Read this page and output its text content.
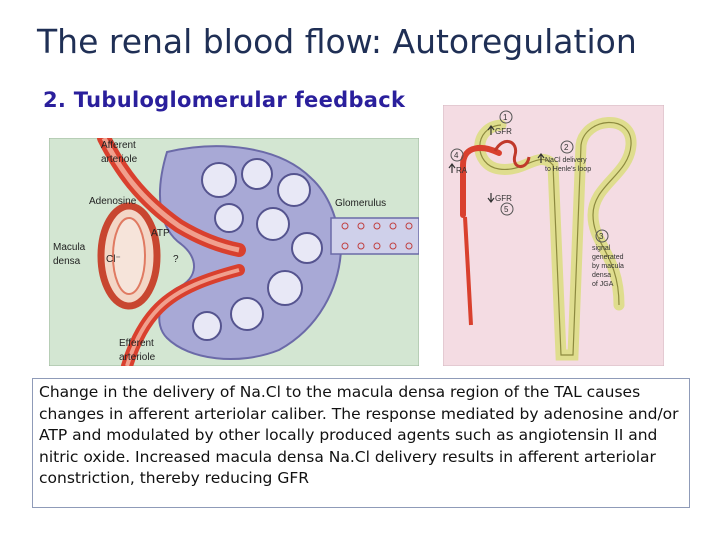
The renal blood flow: Autoregulation
2. Tubuloglomerular feedback
Afferent
arteriole
Adenosine
ATP
?
Macula
densa	Cl⁻
Glomerulus
Efferent
arteriole
1
2
4
5
3
GFR
NaCl delivery
to Henle's loop
RA
GFR
signal
generated
by macula
densa
of JGA
Change in the delivery of Na.Cl to the macula densa region of the TAL causes changes in afferent arteriolar caliber. The response mediated by adenosine and/or ATP and modulated by other locally produced agents such as angiotensin II and nitric oxide. Increased macula densa Na.Cl delivery results in afferent arteriolar constriction, thereby reducing GFR
